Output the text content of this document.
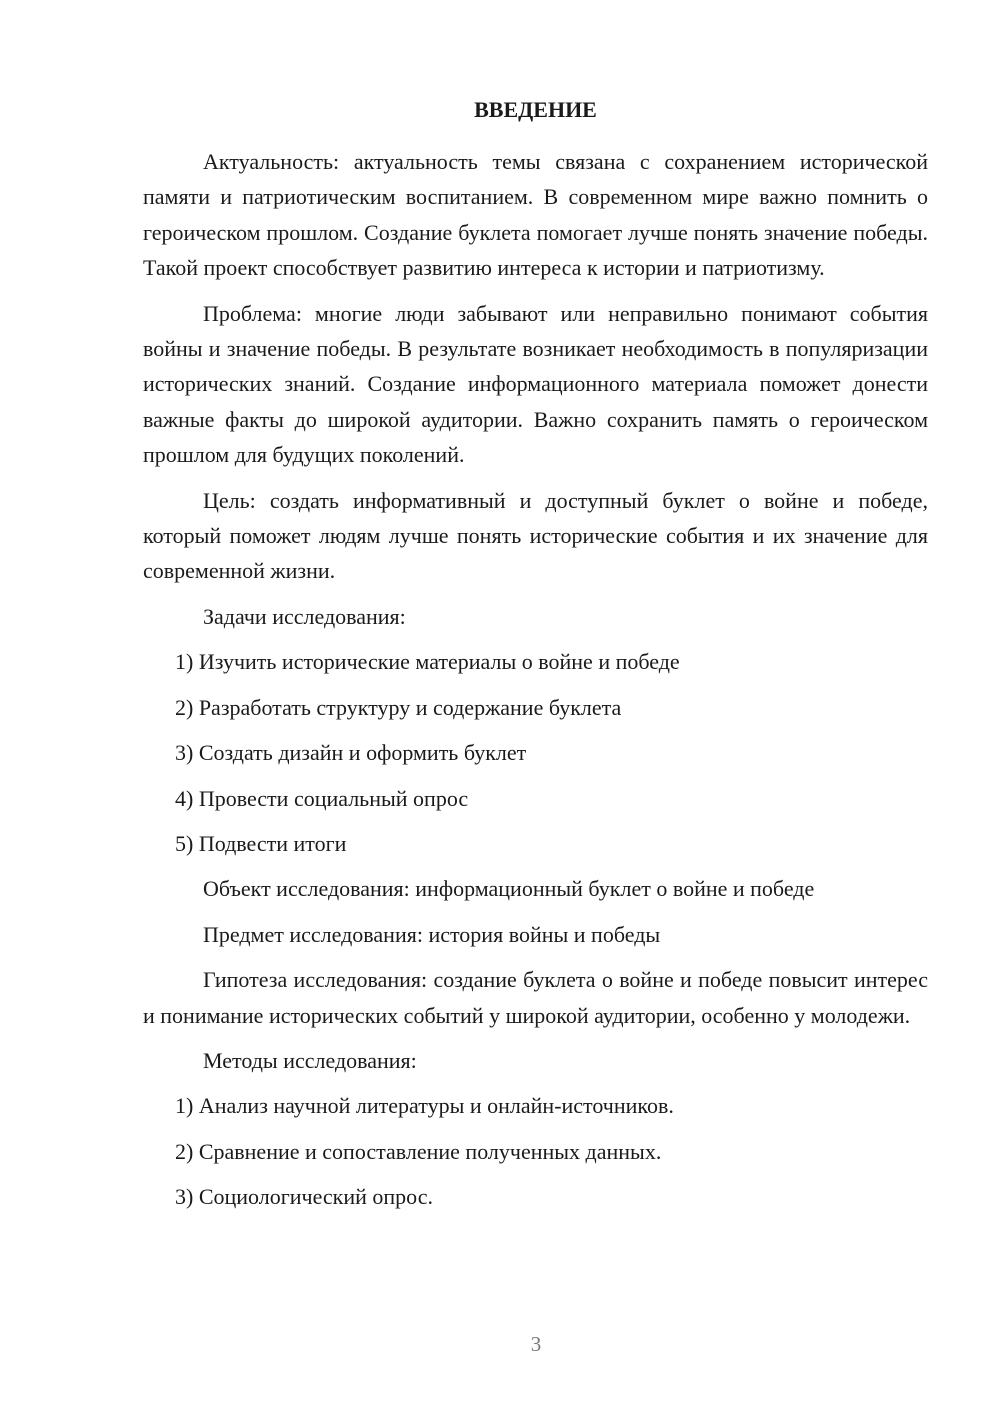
ВВЕДЕНИЕ

Актуальность: актуальность темы связана с сохранением исторической памяти и патриотическим воспитанием. В современном мире важно помнить о героическом прошлом. Создание буклета помогает лучше понять значение победы. Такой проект способствует развитию интереса к истории и патриотизму.

Проблема: многие люди забывают или неправильно понимают события войны и значение победы. В результате возникает необходимость в популяризации исторических знаний. Создание информационного материала поможет донести важные факты до широкой аудитории. Важно сохранить память о героическом прошлом для будущих поколений.

Цель: создать информативный и доступный буклет о войне и победе, который поможет людям лучше понять исторические события и их значение для современной жизни.

Задачи исследования:
1) Изучить исторические материалы о войне и победе
2) Разработать структуру и содержание буклета
3) Создать дизайн и оформить буклет
4) Провести социальный опрос
5) Подвести итоги
Объект исследования: информационный буклет о войне и победе
Предмет исследования: история войны и победы

Гипотеза исследования: создание буклета о войне и победе повысит интерес и понимание исторических событий у широкой аудитории, особенно у молодежи.

Методы исследования:
1) Анализ научной литературы и онлайн-источников.
2) Сравнение и сопоставление полученных данных.
3) Социологический опрос.
3
